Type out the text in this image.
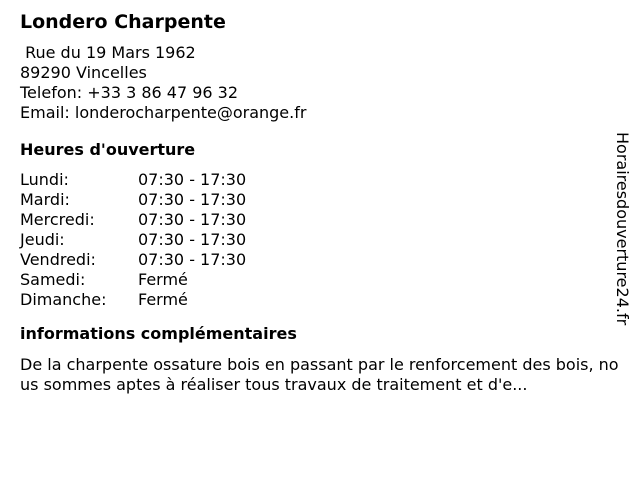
Londero Charpente
Rue du 19 Mars 1962
89290 Vincelles
Telefon: +33 3 86 47 96 32
Email: londerocharpente@orange.fr
Heures d'ouverture
Lundi:	07:30 - 17:30
Mardi:	07:30 - 17:30
Mercredi:	07:30 - 17:30
Jeudi:	07:30 - 17:30
Vendredi:	07:30 - 17:30
Samedi:	Fermé
Dimanche:	Fermé
informations complémentaires
De la charpente ossature bois en passant par le renforcement des bois, nous sommes aptes à réaliser tous travaux de traitement et d'e...
Horairesdouverture24.fr
